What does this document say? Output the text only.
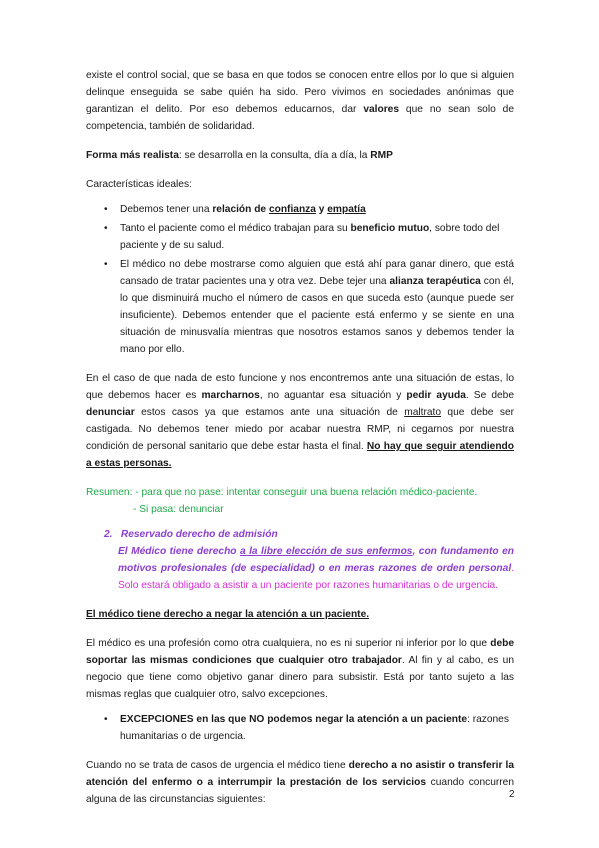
existe el control social, que se basa en que todos se conocen entre ellos por lo que si alguien delinque enseguida se sabe quién ha sido. Pero vivimos en sociedades anónimas que garantizan el delito. Por eso debemos educarnos, dar valores que no sean solo de competencia, también de solidaridad.

Forma más realista: se desarrolla en la consulta, día a día, la RMP

Características ideales:

• Debemos tener una relación de confianza y empatía
• Tanto el paciente como el médico trabajan para su beneficio mutuo, sobre todo del paciente y de su salud.
• El médico no debe mostrarse como alguien que está ahí para ganar dinero, que está cansado de tratar pacientes una y otra vez. Debe tejer una alianza terapéutica con él, lo que disminuirá mucho el número de casos en que suceda esto (aunque puede ser insuficiente). Debemos entender que el paciente está enfermo y se siente en una situación de minusvalía mientras que nosotros estamos sanos y debemos tender la mano por ello.

En el caso de que nada de esto funcione y nos encontremos ante una situación de estas, lo que debemos hacer es marcharnos, no aguantar esa situación y pedir ayuda. Se debe denunciar estos casos ya que estamos ante una situación de maltrato que debe ser castigada. No debemos tener miedo por acabar nuestra RMP, ni cegarnos por nuestra condición de personal sanitario que debe estar hasta el final. No hay que seguir atendiendo a estas personas.

Resumen: - para que no pase: intentar conseguir una buena relación médico-paciente.
- Si pasa: denunciar

2. Reservado derecho de admisión

El Médico tiene derecho a la libre elección de sus enfermos, con fundamento en motivos profesionales (de especialidad) o en meras razones de orden personal. Solo estará obligado a asistir a un paciente por razones humanitarias o de urgencia.

El médico tiene derecho a negar la atención a un paciente.

El médico es una profesión como otra cualquiera, no es ni superior ni inferior por lo que debe soportar las mismas condiciones que cualquier otro trabajador. Al fin y al cabo, es un negocio que tiene como objetivo ganar dinero para subsistir. Está por tanto sujeto a las mismas reglas que cualquier otro, salvo excepciones.

• EXCEPCIONES en las que NO podemos negar la atención a un paciente: razones humanitarias o de urgencia.

Cuando no se trata de casos de urgencia el médico tiene derecho a no asistir o transferir la atención del enfermo o a interrumpir la prestación de los servicios cuando concurren alguna de las circunstancias siguientes:	2
